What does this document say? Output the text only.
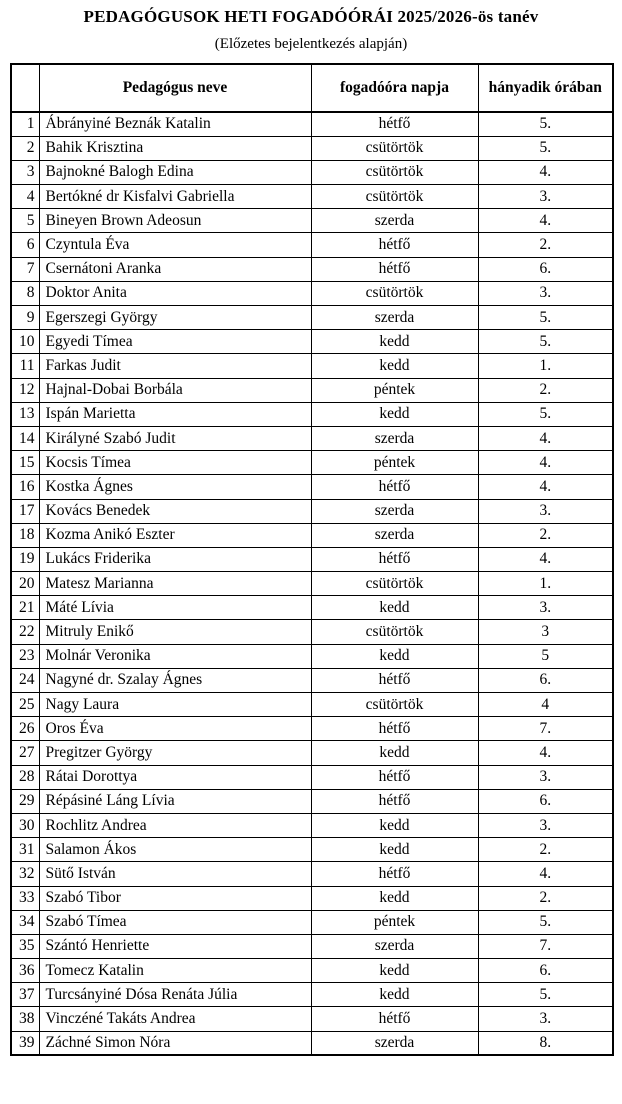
PEDAGÓGUSOK HETI FOGADÓÓRÁI 2025/2026-ös tanév
(Előzetes bejelentkezés alapján)
	Pedagógus neve	fogadóóra napja	hányadik órában
1	Ábrányiné Beznák Katalin	hétfő	5.
2	Bahik Krisztina	csütörtök	5.
3	Bajnokné Balogh Edina	csütörtök	4.
4	Bertókné dr Kisfalvi Gabriella	csütörtök	3.
5	Bineyen Brown Adeosun	szerda	4.
6	Czyntula Éva	hétfő	2.
7	Csernátoni Aranka	hétfő	6.
8	Doktor Anita	csütörtök	3.
9	Egerszegi György	szerda	5.
10	Egyedi Tímea	kedd	5.
11	Farkas Judit	kedd	1.
12	Hajnal-Dobai Borbála	péntek	2.
13	Ispán Marietta	kedd	5.
14	Királyné Szabó Judit	szerda	4.
15	Kocsis Tímea	péntek	4.
16	Kostka Ágnes	hétfő	4.
17	Kovács Benedek	szerda	3.
18	Kozma Anikó Eszter	szerda	2.
19	Lukács Friderika	hétfő	4.
20	Matesz Marianna	csütörtök	1.
21	Máté Lívia	kedd	3.
22	Mitruly Enikő	csütörtök	3
23	Molnár Veronika	kedd	5
24	Nagyné dr. Szalay Ágnes	hétfő	6.
25	Nagy Laura	csütörtök	4
26	Oros Éva	hétfő	7.
27	Pregitzer György	kedd	4.
28	Rátai Dorottya	hétfő	3.
29	Répásiné Láng Lívia	hétfő	6.
30	Rochlitz Andrea	kedd	3.
31	Salamon Ákos	kedd	2.
32	Sütő István	hétfő	4.
33	Szabó Tibor	kedd	2.
34	Szabó Tímea	péntek	5.
35	Szántó Henriette	szerda	7.
36	Tomecz Katalin	kedd	6.
37	Turcsányiné Dósa Renáta Júlia	kedd	5.
38	Vinczéné Takáts Andrea	hétfő	3.
39	Záchné Simon Nóra	szerda	8.
